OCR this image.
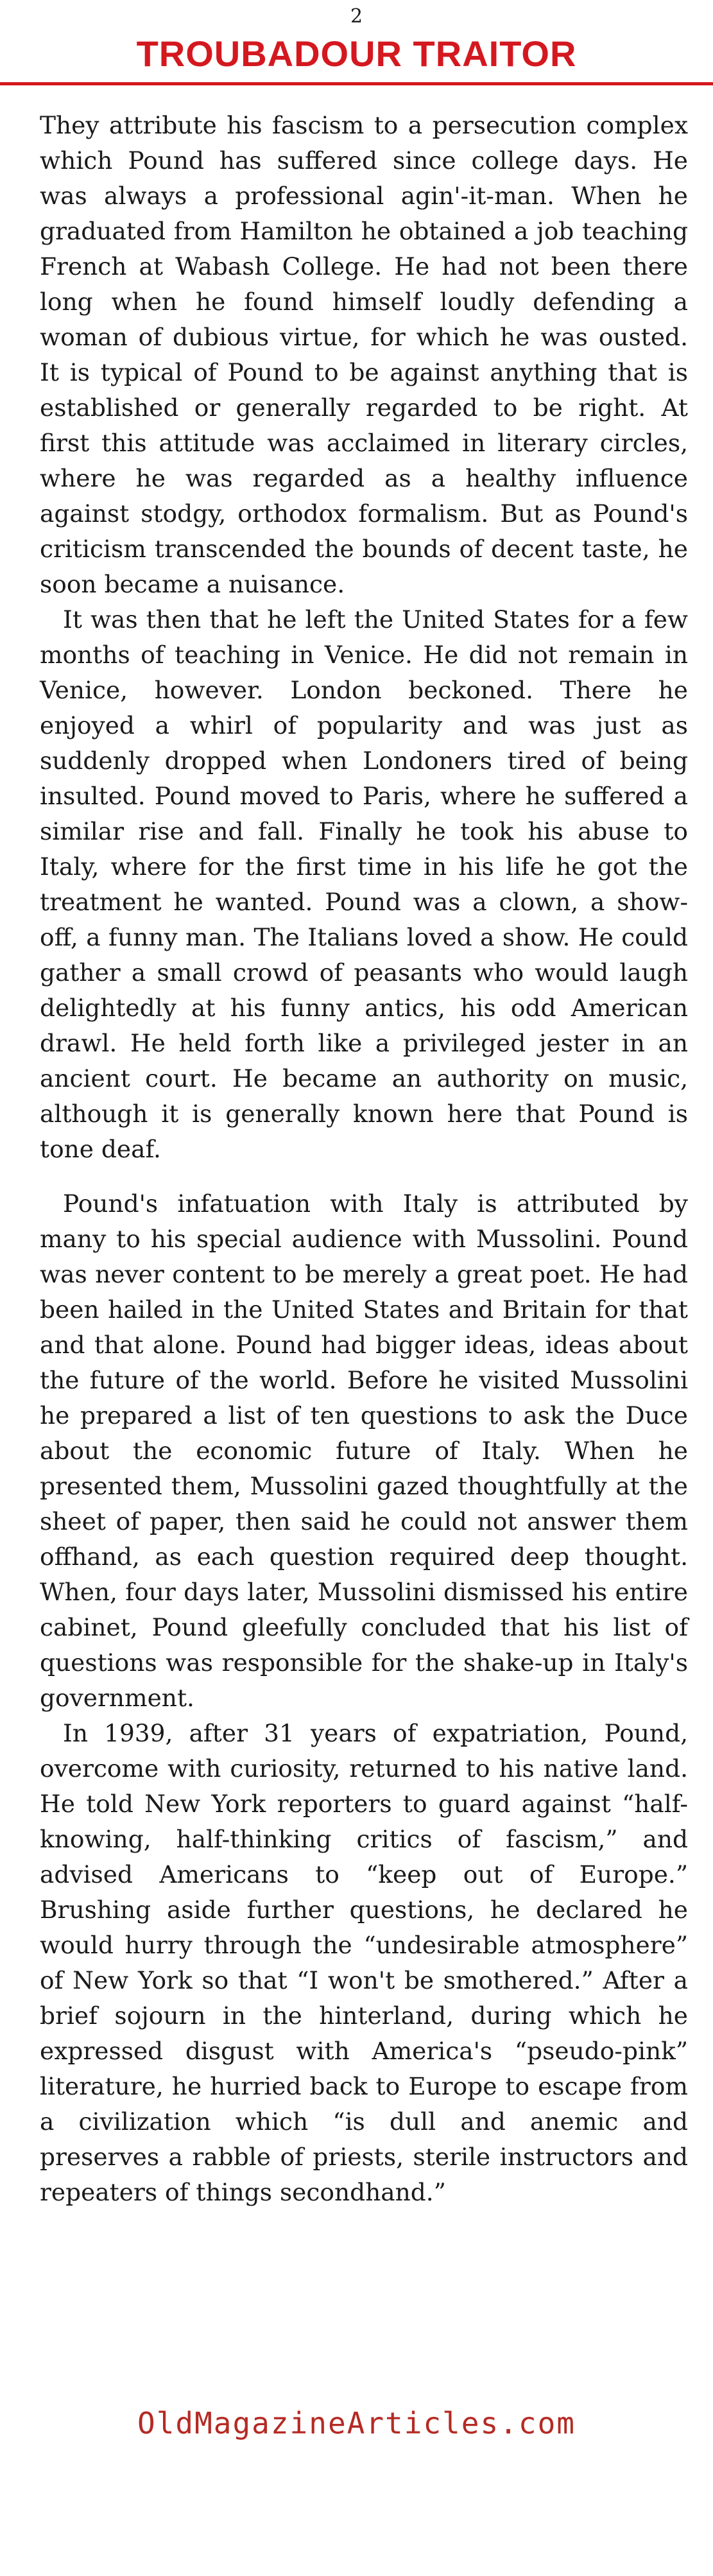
2
TROUBADOUR TRAITOR

They attribute his fascism to a persecution complex which Pound has suffered since college days. He was always a professional agin'-it-man. When he graduated from Hamilton he obtained a job teaching French at Wabash College. He had not been there long when he found himself loudly defending a woman of dubious virtue, for which he was ousted. It is typical of Pound to be against anything that is established or generally regarded to be right. At first this attitude was acclaimed in literary circles, where he was regarded as a healthy influence against stodgy, orthodox formalism. But as Pound's criticism transcended the bounds of decent taste, he soon became a nuisance.

It was then that he left the United States for a few months of teaching in Venice. He did not remain in Venice, however. London beckoned. There he enjoyed a whirl of popularity and was just as suddenly dropped when Londoners tired of being insulted. Pound moved to Paris, where he suffered a similar rise and fall. Finally he took his abuse to Italy, where for the first time in his life he got the treatment he wanted. Pound was a clown, a show-off, a funny man. The Italians loved a show. He could gather a small crowd of peasants who would laugh delightedly at his funny antics, his odd American drawl. He held forth like a privileged jester in an ancient court. He became an authority on music, although it is generally known here that Pound is tone deaf.

Pound's infatuation with Italy is attributed by many to his special audience with Mussolini. Pound was never content to be merely a great poet. He had been hailed in the United States and Britain for that and that alone. Pound had bigger ideas, ideas about the future of the world. Before he visited Mussolini he prepared a list of ten questions to ask the Duce about the economic future of Italy. When he presented them, Mussolini gazed thoughtfully at the sheet of paper, then said he could not answer them offhand, as each question required deep thought. When, four days later, Mussolini dismissed his entire cabinet, Pound gleefully concluded that his list of questions was responsible for the shake-up in Italy's government.

In 1939, after 31 years of expatriation, Pound, overcome with curiosity, returned to his native land. He told New York reporters to guard against “half-knowing, half-thinking critics of fascism,” and advised Americans to “keep out of Europe.” Brushing aside further questions, he declared he would hurry through the “undesirable atmosphere” of New York so that “I won't be smothered.” After a brief sojourn in the hinterland, during which he expressed disgust with America's “pseudo-pink” literature, he hurried back to Europe to escape from a civilization which “is dull and anemic and preserves a rabble of priests, sterile instructors and repeaters of things secondhand.”

OldMagazineArticles.com
